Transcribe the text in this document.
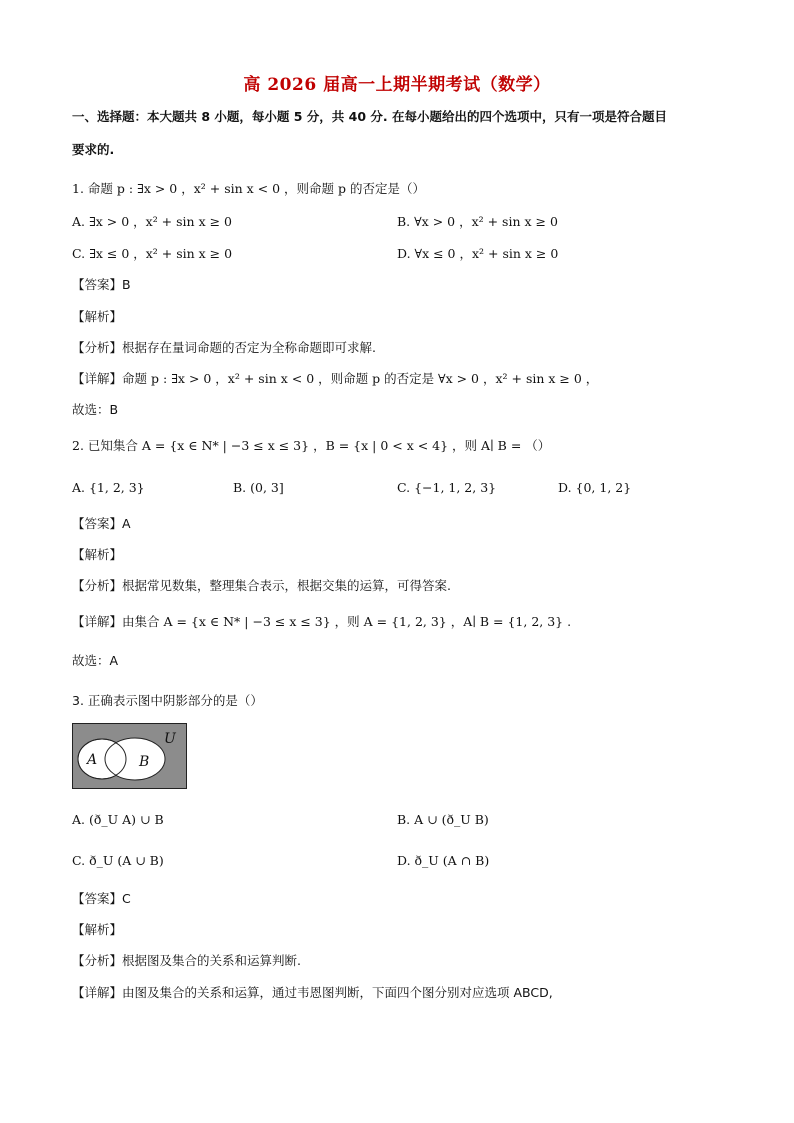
高 2026 届高一上期半期考试（数学）
一、选择题：本大题共 8 小题，每小题 5 分，共 40 分. 在每小题给出的四个选项中，只有一项是符合题目
要求的.
1. 命题 p : ∃x > 0 ，x² + sin x < 0 ，则命题 p 的否定是（）
A. ∃x > 0 ，x² + sin x ≥ 0	B. ∀x > 0 ，x² + sin x ≥ 0
C. ∃x ≤ 0 ，x² + sin x ≥ 0	D. ∀x ≤ 0 ，x² + sin x ≥ 0
【答案】B
【解析】
【分析】根据存在量词命题的否定为全称命题即可求解.
【详解】命题 p : ∃x > 0 ，x² + sin x < 0 ，则命题 p 的否定是 ∀x > 0 ，x² + sin x ≥ 0 ，
故选：B
2. 已知集合 A = {x ∈ N* | −3 ≤ x ≤ 3} ，B = {x | 0 < x < 4} ，则 A∣ B = （）
A. {1, 2, 3}	B. (0, 3]	C. {−1, 1, 2, 3}	D. {0, 1, 2}
【答案】A
【解析】
【分析】根据常见数集，整理集合表示，根据交集的运算，可得答案.
【详解】由集合 A = {x ∈ N* | −3 ≤ x ≤ 3} ，则 A = {1, 2, 3} ，A∣ B = {1, 2, 3} .
故选：A
3. 正确表示图中阴影部分的是（）
A	B
U
A. (ð_U A) ∪ B	B. A ∪ (ð_U B)
C. ð_U (A ∪ B)	D. ð_U (A ∩ B)
【答案】C
【解析】
【分析】根据图及集合的关系和运算判断.
【详解】由图及集合的关系和运算，通过韦恩图判断，下面四个图分别对应选项 ABCD,
